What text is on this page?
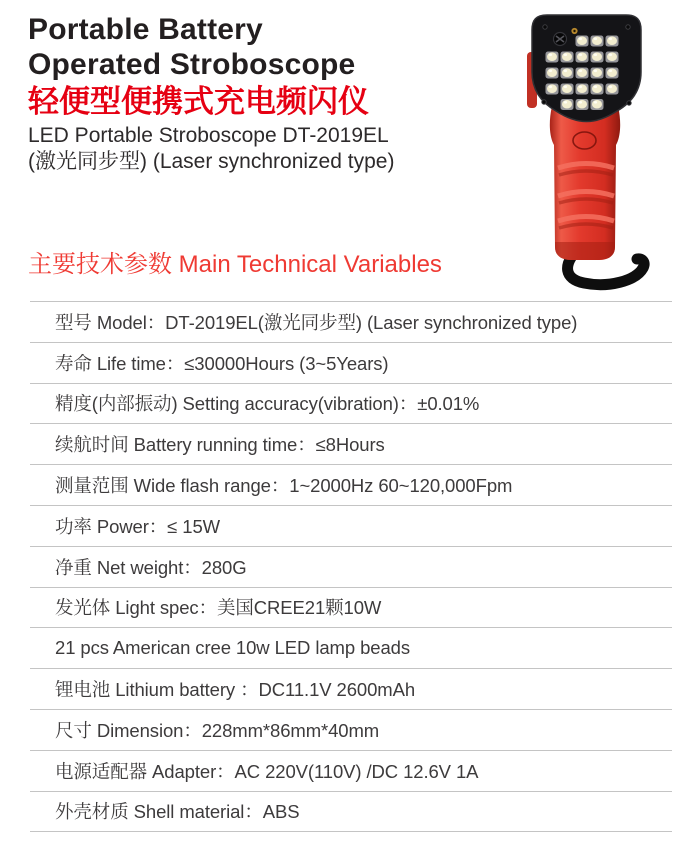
Portable Battery
Operated Stroboscope
轻便型便携式充电频闪仪
LED Portable Stroboscope DT-2019EL
(激光同步型) (Laser synchronized type)
主要技术参数 Main Technical Variables
型号 Model：DT-2019EL(激光同步型) (Laser synchronized type)
寿命 Life time：≤30000Hours (3~5Years)
精度(内部振动) Setting accuracy(vibration)：±0.01%
续航时间 Battery running time：≤8Hours
测量范围 Wide flash range：1~2000Hz 60~120,000Fpm
功率 Power：≤ 15W
净重 Net weight：280G
发光体 Light spec：美国CREE21颗10W
21 pcs American cree 10w LED lamp beads
锂电池 Lithium battery ：DC11.1V 2600mAh
尺寸 Dimension：228mm*86mm*40mm
电源适配器 Adapter：AC 220V(110V) /DC 12.6V 1A
外壳材质 Shell material：ABS
